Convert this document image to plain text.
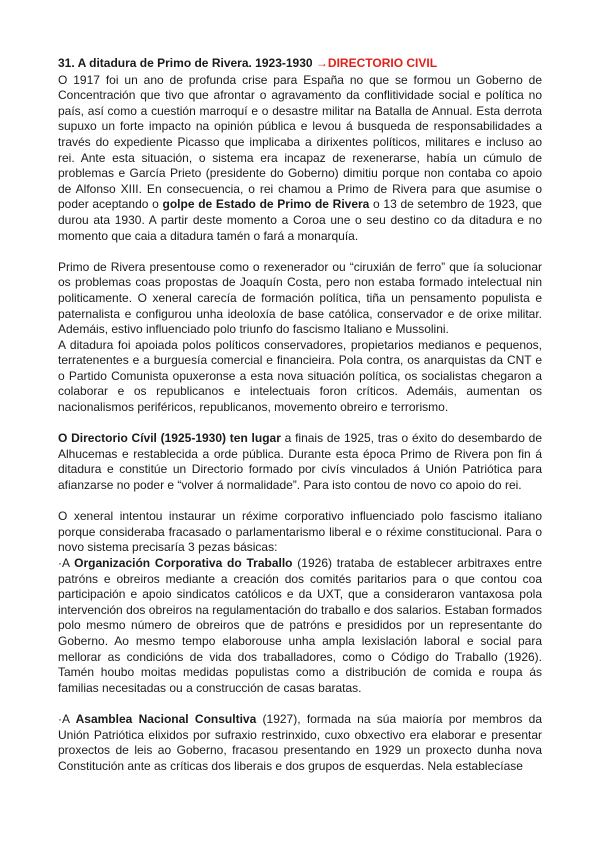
31. A ditadura de Primo de Rivera. 1923-1930 →DIRECTORIO CIVIL

O 1917 foi un ano de profunda crise para España no que se formou un Goberno de Concentración que tivo que afrontar o agravamento da conflitividade social e política no país, así como a cuestión marroquí e o desastre militar na Batalla de Annual. Esta derrota supuxo un forte impacto na opinión pública e levou á busqueda de responsabilidades a través do expediente Picasso que implicaba a dirixentes políticos, militares e incluso ao rei. Ante esta situación, o sistema era incapaz de rexenerarse, había un cúmulo de problemas e García Prieto (presidente do Goberno) dimitiu porque non contaba co apoio de Alfonso XIII. En consecuencia, o rei chamou a Primo de Rivera para que asumise o poder aceptando o golpe de Estado de Primo de Rivera o 13 de setembro de 1923, que durou ata 1930. A partir deste momento a Coroa une o seu destino co da ditadura e no momento que caia a ditadura tamén o fará a monarquía.

Primo de Rivera presentouse como o rexenerador ou “ciruxián de ferro” que ía solucionar os problemas coas propostas de Joaquín Costa, pero non estaba formado intelectual nin politicamente. O xeneral carecía de formación política, tiña un pensamento populista e paternalista e configurou unha ideoloxía de base católica, conservador e de orixe militar. Ademáis, estivo influenciado polo triunfo do fascismo Italiano e Mussolini.

A ditadura foi apoiada polos políticos conservadores, propietarios medianos e pequenos, terratenentes e a burguesía comercial e financieira. Pola contra, os anarquistas da CNT e o Partido Comunista opuxeronse a esta nova situación política, os socialistas chegaron a colaborar e os republicanos e intelectuais foron críticos. Ademáis, aumentan os nacionalismos periféricos, republicanos, movemento obreiro e terrorismo.

O Directorio Cívil (1925-1930) ten lugar a finais de 1925, tras o éxito do desembardo de Alhucemas e restablecida a orde pública. Durante esta época Primo de Rivera pon fin á ditadura e constitúe un Directorio formado por civís vinculados á Unión Patriótica para afianzarse no poder e “volver á normalidade”. Para isto contou de novo co apoio do rei.

O xeneral intentou instaurar un réxime corporativo influenciado polo fascismo italiano porque consideraba fracasado o parlamentarismo liberal e o réxime constitucional. Para o novo sistema precisaría 3 pezas básicas:

·A Organización Corporativa do Traballo (1926) trataba de establecer arbitraxes entre patróns e obreiros mediante a creación dos comités paritarios para o que contou coa participación e apoio sindicatos católicos e da UXT, que a consideraron vantaxosa pola intervención dos obreiros na regulamentación do traballo e dos salarios. Estaban formados polo mesmo número de obreiros que de patróns e presididos por un representante do Goberno. Ao mesmo tempo elaborouse unha ampla lexislación laboral e social para mellorar as condicións de vida dos traballadores, como o Código do Traballo (1926). Tamén houbo moitas medidas populistas como a distribución de comida e roupa ás familias necesitadas ou a construcción de casas baratas.

·A Asamblea Nacional Consultiva (1927), formada na súa maioría por membros da Unión Patriótica elixidos por sufraxio restrinxido, cuxo obxectivo era elaborar e presentar proxectos de leis ao Goberno, fracasou presentando en 1929 un proxecto dunha nova Constitución ante as críticas dos liberais e dos grupos de esquerdas. Nela establecíase
